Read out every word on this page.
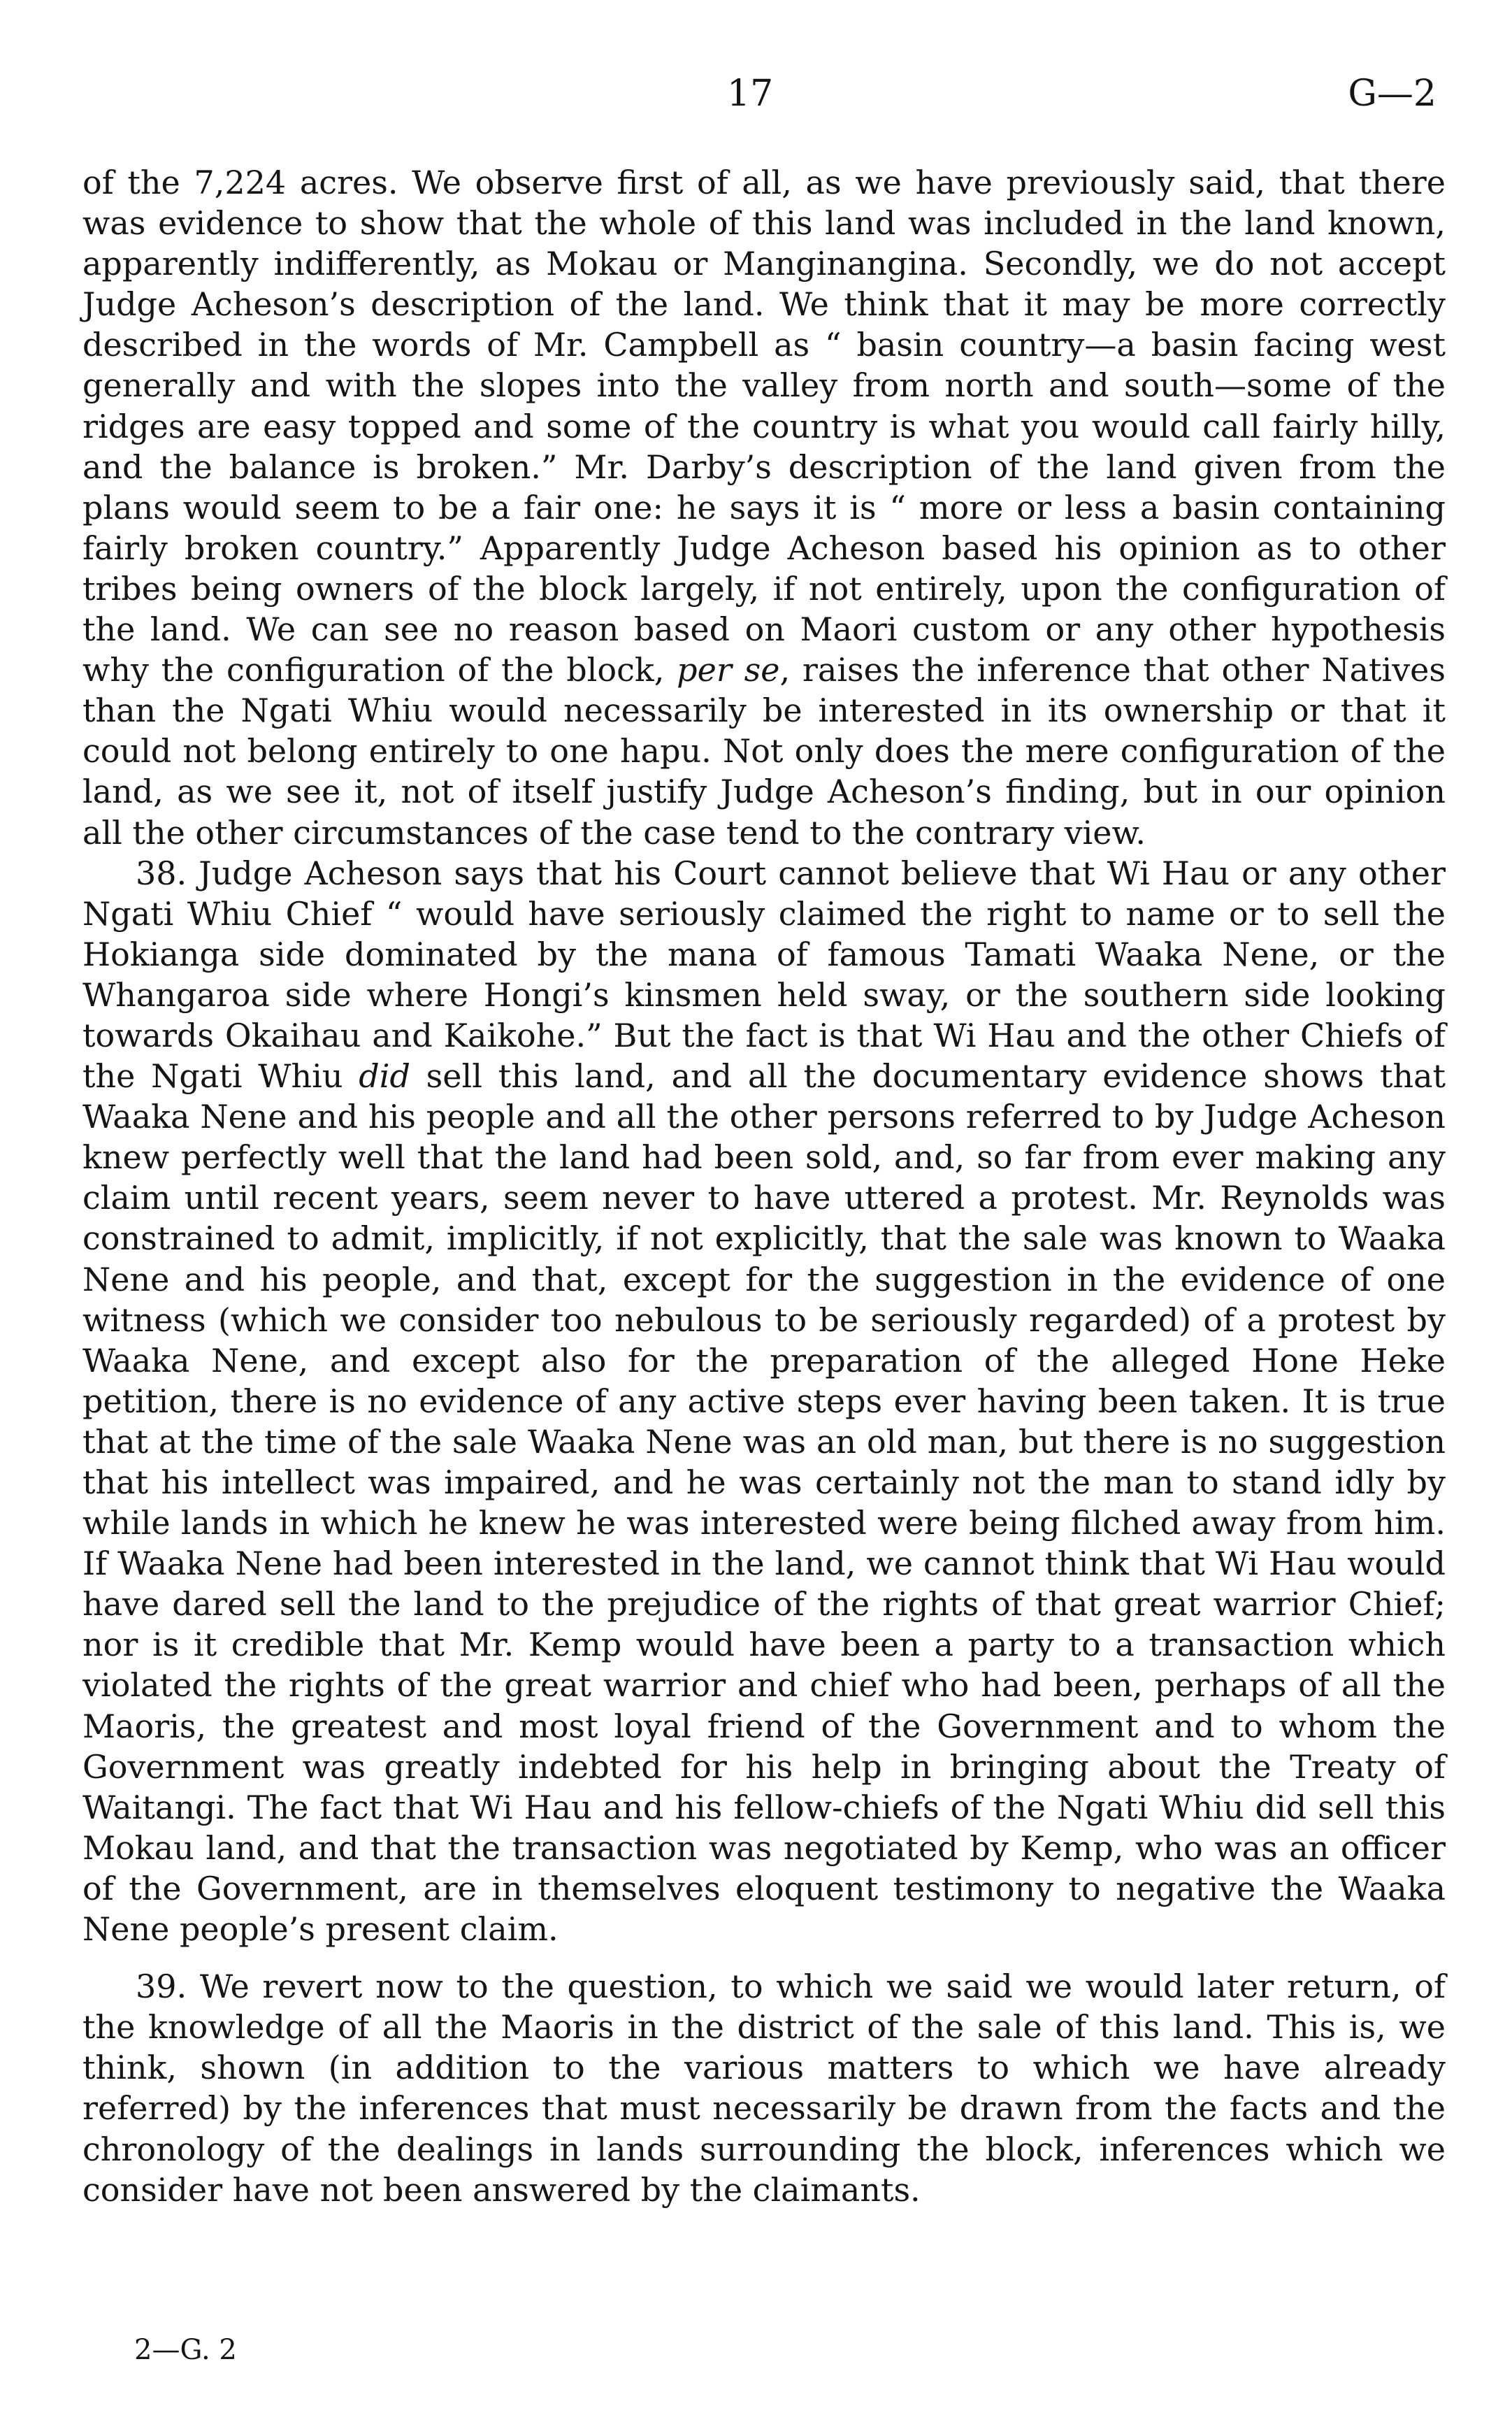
17	G—2

of the 7,224 acres. We observe first of all, as we have previously said, that there was evidence to show that the whole of this land was included in the land known, apparently indifferently, as Mokau or Manginangina. Secondly, we do not accept Judge Acheson’s description of the land. We think that it may be more correctly described in the words of Mr. Campbell as “ basin country—a basin facing west generally and with the slopes into the valley from north and south—some of the ridges are easy topped and some of the country is what you would call fairly hilly, and the balance is broken.” Mr. Darby’s description of the land given from the plans would seem to be a fair one: he says it is “ more or less a basin containing fairly broken country.” Apparently Judge Acheson based his opinion as to other tribes being owners of the block largely, if not entirely, upon the configuration of the land. We can see no reason based on Maori custom or any other hypothesis why the configuration of the block, per se, raises the inference that other Natives than the Ngati Whiu would necessarily be interested in its ownership or that it could not belong entirely to one hapu. Not only does the mere configuration of the land, as we see it, not of itself justify Judge Acheson’s finding, but in our opinion all the other circumstances of the case tend to the contrary view.

38. Judge Acheson says that his Court cannot believe that Wi Hau or any other Ngati Whiu Chief “ would have seriously claimed the right to name or to sell the Hokianga side dominated by the mana of famous Tamati Waaka Nene, or the Whangaroa side where Hongi’s kinsmen held sway, or the southern side looking towards Okaihau and Kaikohe.” But the fact is that Wi Hau and the other Chiefs of the Ngati Whiu did sell this land, and all the documentary evidence shows that Waaka Nene and his people and all the other persons referred to by Judge Acheson knew perfectly well that the land had been sold, and, so far from ever making any claim until recent years, seem never to have uttered a protest. Mr. Reynolds was constrained to admit, implicitly, if not explicitly, that the sale was known to Waaka Nene and his people, and that, except for the suggestion in the evidence of one witness (which we consider too nebulous to be seriously regarded) of a protest by Waaka Nene, and except also for the preparation of the alleged Hone Heke petition, there is no evidence of any active steps ever having been taken. It is true that at the time of the sale Waaka Nene was an old man, but there is no suggestion that his intellect was impaired, and he was certainly not the man to stand idly by while lands in which he knew he was interested were being filched away from him. If Waaka Nene had been interested in the land, we cannot think that Wi Hau would have dared sell the land to the prejudice of the rights of that great warrior Chief; nor is it credible that Mr. Kemp would have been a party to a transaction which violated the rights of the great warrior and chief who had been, perhaps of all the Maoris, the greatest and most loyal friend of the Government and to whom the Government was greatly indebted for his help in bringing about the Treaty of Waitangi. The fact that Wi Hau and his fellow-chiefs of the Ngati Whiu did sell this Mokau land, and that the transaction was negotiated by Kemp, who was an officer of the Government, are in themselves eloquent testimony to negative the Waaka Nene people’s present claim.

39. We revert now to the question, to which we said we would later return, of the knowledge of all the Maoris in the district of the sale of this land. This is, we think, shown (in addition to the various matters to which we have already referred) by the inferences that must necessarily be drawn from the facts and the chronology of the dealings in lands surrounding the block, inferences which we consider have not been answered by the claimants.

2—G. 2
